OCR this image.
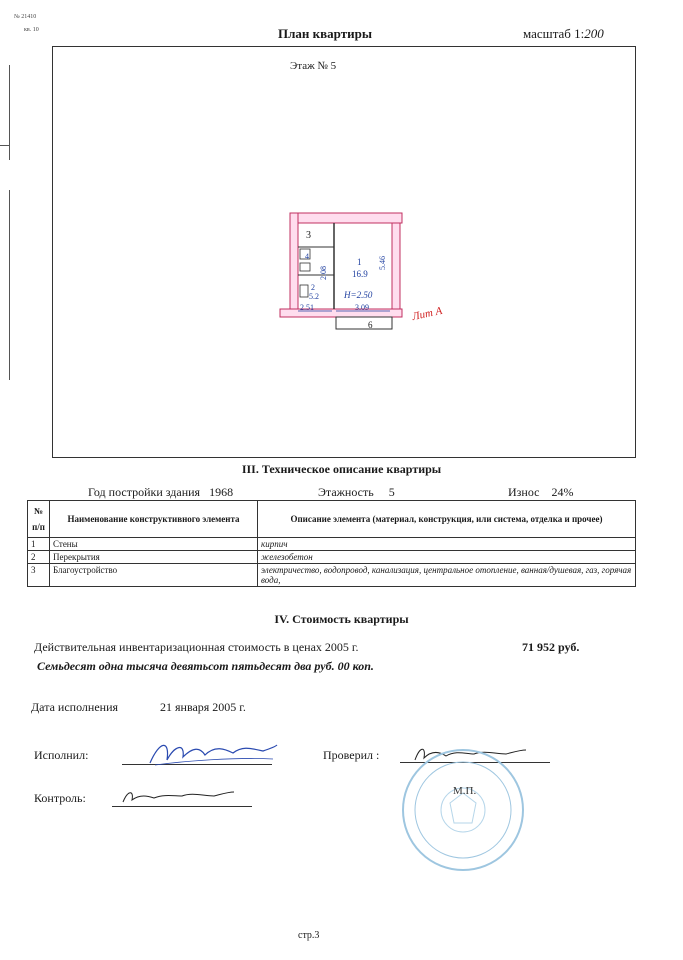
№ 21410
кв. 10	План квартиры	масштаб 1:200
Этаж № 5
3
4
1
16.9
2
5.2
2.08
5.46
H=2.50
2.51	3.09
6
Лит А
III. Техническое описание квартиры
Год постройки здания 1968	Этажность 5	Износ 24%
№ п/п	Наименование конструктивного элемента	Описание элемента (материал, конструкция, или система, отделка и прочее)
1	Стены	кирпич
2	Перекрытия	железобетон
3	Благоустройство	электричество, водопровод, канализация, центральное отопление, ванная/душевая, газ, горячая вода,
IV. Стоимость квартиры
Действительная инвентаризационная стоимость в ценах 2005 г.	71 952 руб.
Семьдесят одна тысяча девятьсот пятьдесят два руб. 00 коп.
Дата исполнения	21 января 2005 г.
Исполнил:	Проверил :
Контроль:	М.П.
стр.3
